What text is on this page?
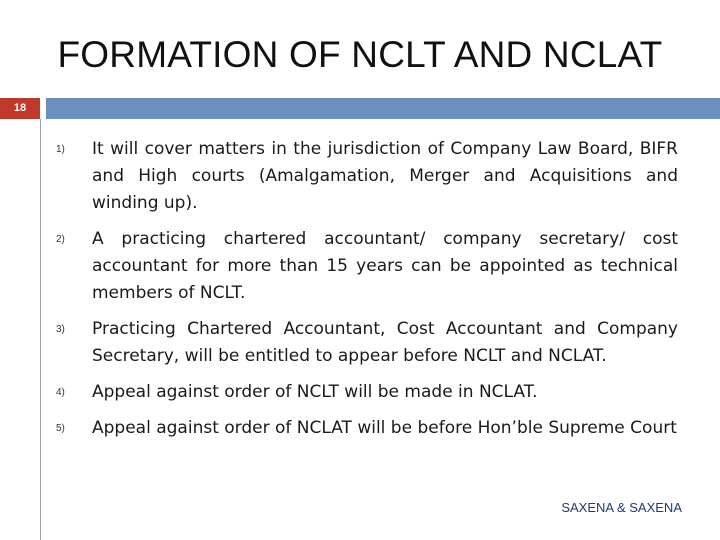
FORMATION OF NCLT AND NCLAT
18
1) It will cover matters in the jurisdiction of Company Law Board, BIFR and High courts (Amalgamation, Merger and Acquisitions and winding up).
2) A practicing chartered accountant/ company secretary/ cost accountant for more than 15 years can be appointed as technical members of NCLT.
3) Practicing Chartered Accountant, Cost Accountant and Company Secretary, will be entitled to appear before NCLT and NCLAT.
4) Appeal against order of NCLT will be made in NCLAT.
5) Appeal against order of NCLAT will be before Hon’ble Supreme Court
SAXENA & SAXENA
